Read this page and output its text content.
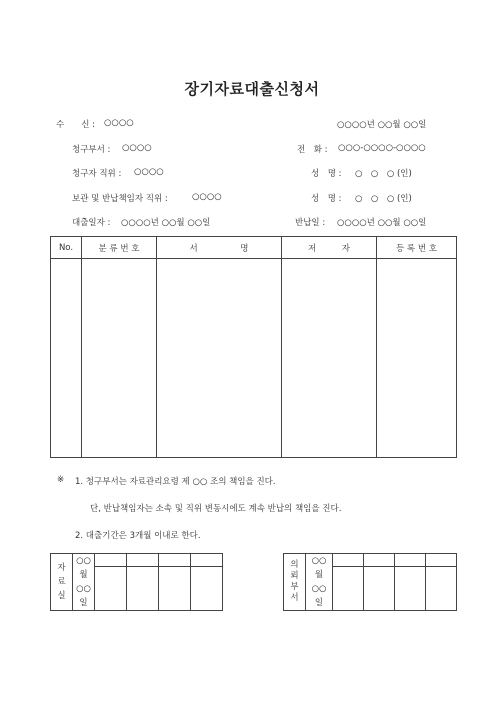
장기자료대출신청서
수　　신 : ○○○○	○○○○년 ○○월 ○○일
청구부서 : ○○○○	전　화 : ○○○-○○○○-○○○○
청구자 직위 : ○○○○	성　명 : ○　○　○ (인)
보관 및 반납책임자 직위 :	○○○○	성　명 : ○　○　○ (인)
대출일자 : ○○○○년 ○○월 ○○일	반납일 : ○○○○년 ○○월 ○○일
No.	분 류 번 호	서　　　　　명	저　　　자	등 록 번 호

※ 1. 청구부서는 자료관리요령 제 ○○ 조의 책임을 진다.
단, 반납책임자는 소속 및 직위 변동시에도 계속 반납의 책임을 진다.
2. 대출기간은 3개월 이내로 한다.
자
료
실	○○
월
○○
일				

의
뢰
부
서	○○
월
○○
일				
